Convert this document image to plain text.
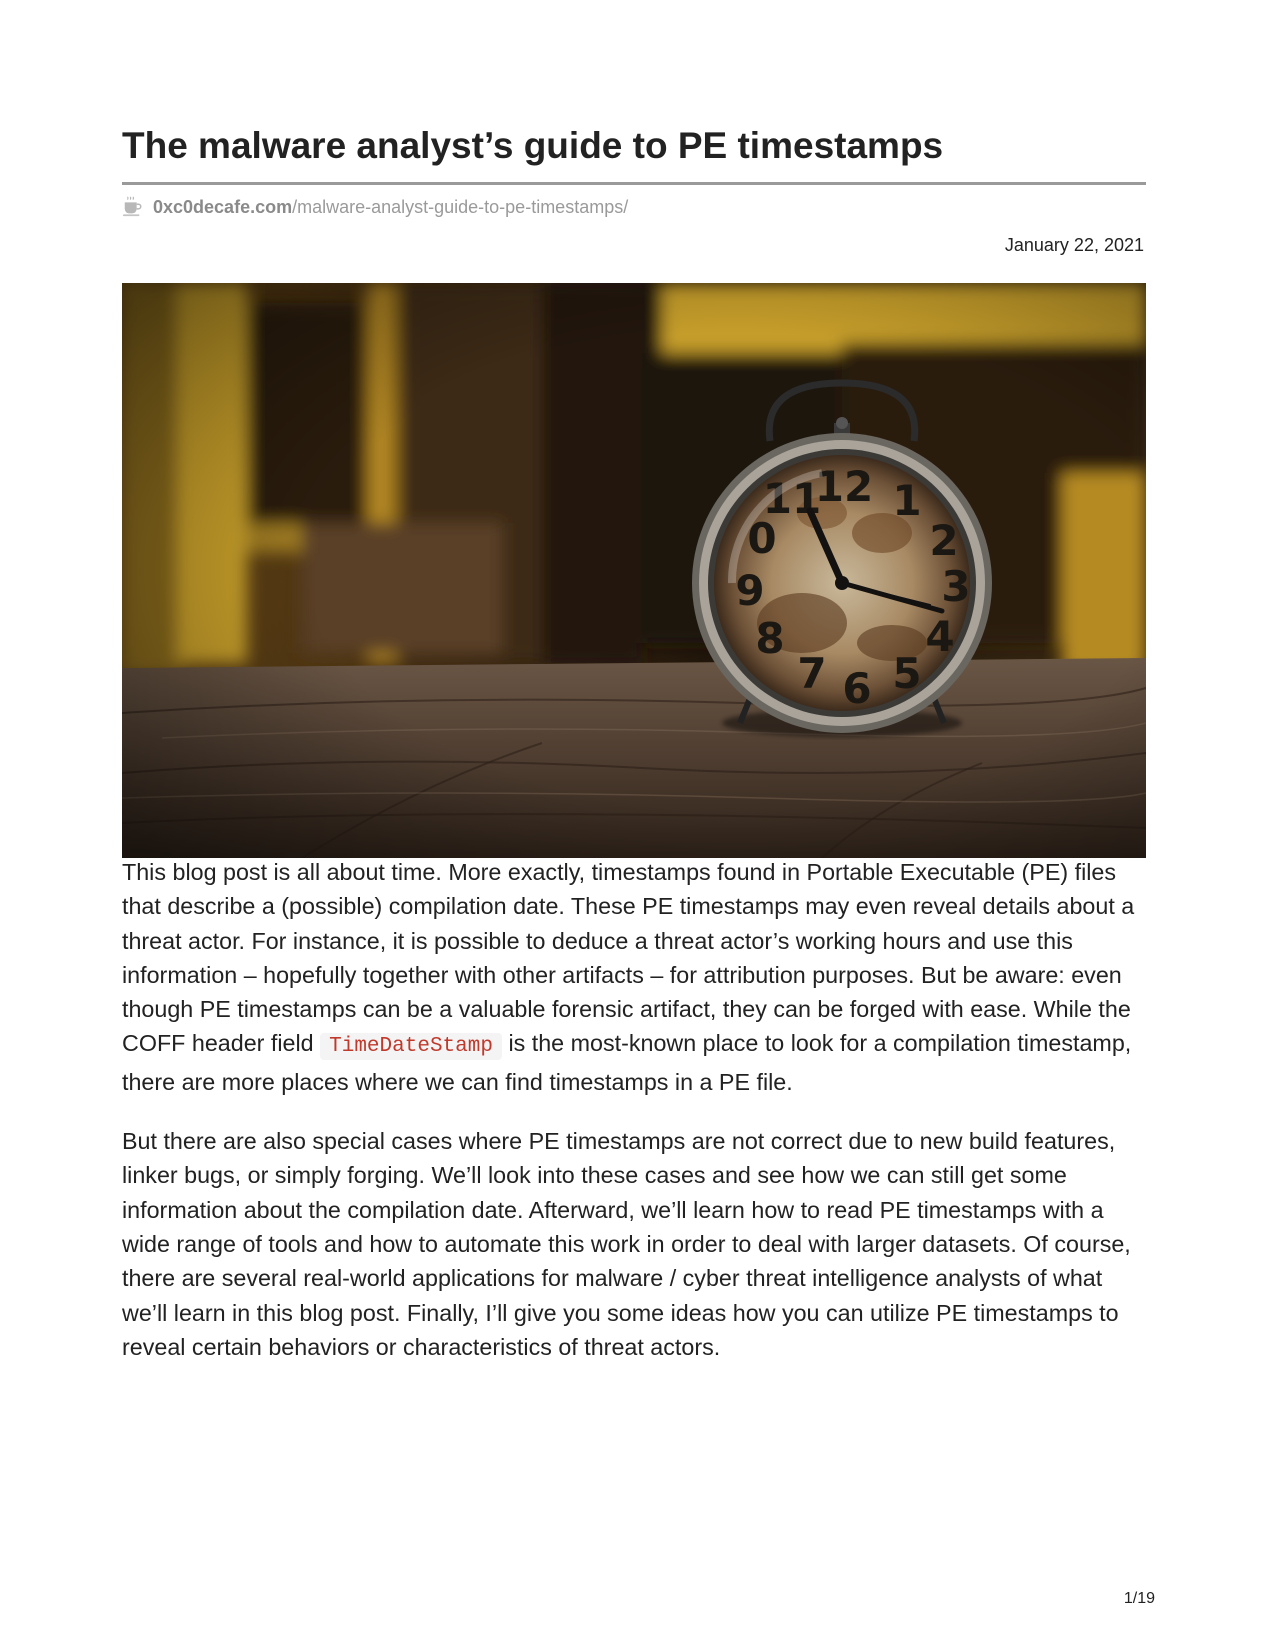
The malware analyst’s guide to PE timestamps
0xc0decafe.com /malware-analyst-guide-to-pe-timestamps/
January 22, 2021

This blog post is all about time. More exactly, timestamps found in Portable Executable (PE) files that describe a (possible) compilation date. These PE timestamps may even reveal details about a threat actor. For instance, it is possible to deduce a threat actor’s working hours and use this information – hopefully together with other artifacts – for attribution purposes. But be aware: even though PE timestamps can be a valuable forensic artifact, they can be forged with ease. While the COFF header field TimeDateStamp is the most-known place to look for a compilation timestamp, there are more places where we can find timestamps in a PE file.

But there are also special cases where PE timestamps are not correct due to new build features, linker bugs, or simply forging. We’ll look into these cases and see how we can still get some information about the compilation date. Afterward, we’ll learn how to read PE timestamps with a wide range of tools and how to automate this work in order to deal with larger datasets. Of course, there are several real-world applications for malware / cyber threat intelligence analysts of what we’ll learn in this blog post. Finally, I’ll give you some ideas how you can utilize PE timestamps to reveal certain behaviors or characteristics of threat actors.

1/19
